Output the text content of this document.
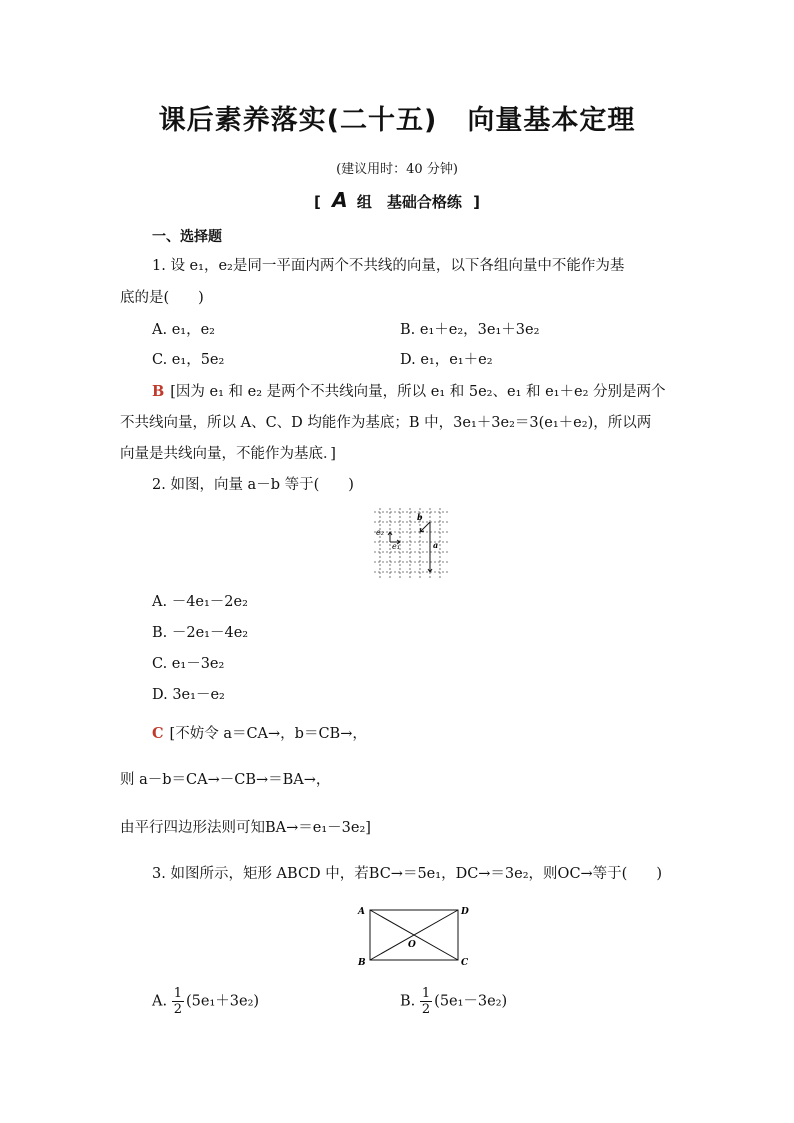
课后素养落实(二十五) 向量基本定理
(建议用时：40 分钟)
[ A 组　基础合格练 ]
一、选择题
1. 设 e₁，e₂是同一平面内两个不共线的向量，以下各组向量中不能作为基
底的是(　　)
A. e₁，e₂	B. e₁＋e₂，3e₁＋3e₂
C. e₁，5e₂	D. e₁，e₁＋e₂
B [因为 e₁ 和 e₂ 是两个不共线向量，所以 e₁ 和 5e₂、e₁ 和 e₁＋e₂ 分别是两个
不共线向量，所以 A、C、D 均能作为基底；B 中，3e₁＋3e₂＝3(e₁＋e₂)，所以两
向量是共线向量，不能作为基底．]
2. 如图，向量 a－b 等于(　　)
e₂
e₁
b
a
A. －4e₁－2e₂
B. －2e₁－4e₂
C. e₁－3e₂
D. 3e₁－e₂
C [不妨令 a＝CA→，b＝CB→，
则 a－b＝CA→－CB→＝BA→，
由平行四边形法则可知BA→＝e₁－3e₂]
3. 如图所示，矩形 ABCD 中，若BC→＝5e₁，DC→＝3e₂，则OC→等于(　　)
A	D
B	C
O
A. $\frac{1}{2} (5e_1+3e_2)$	B. $\frac{1}{2} (5e_1-3e_2)$
